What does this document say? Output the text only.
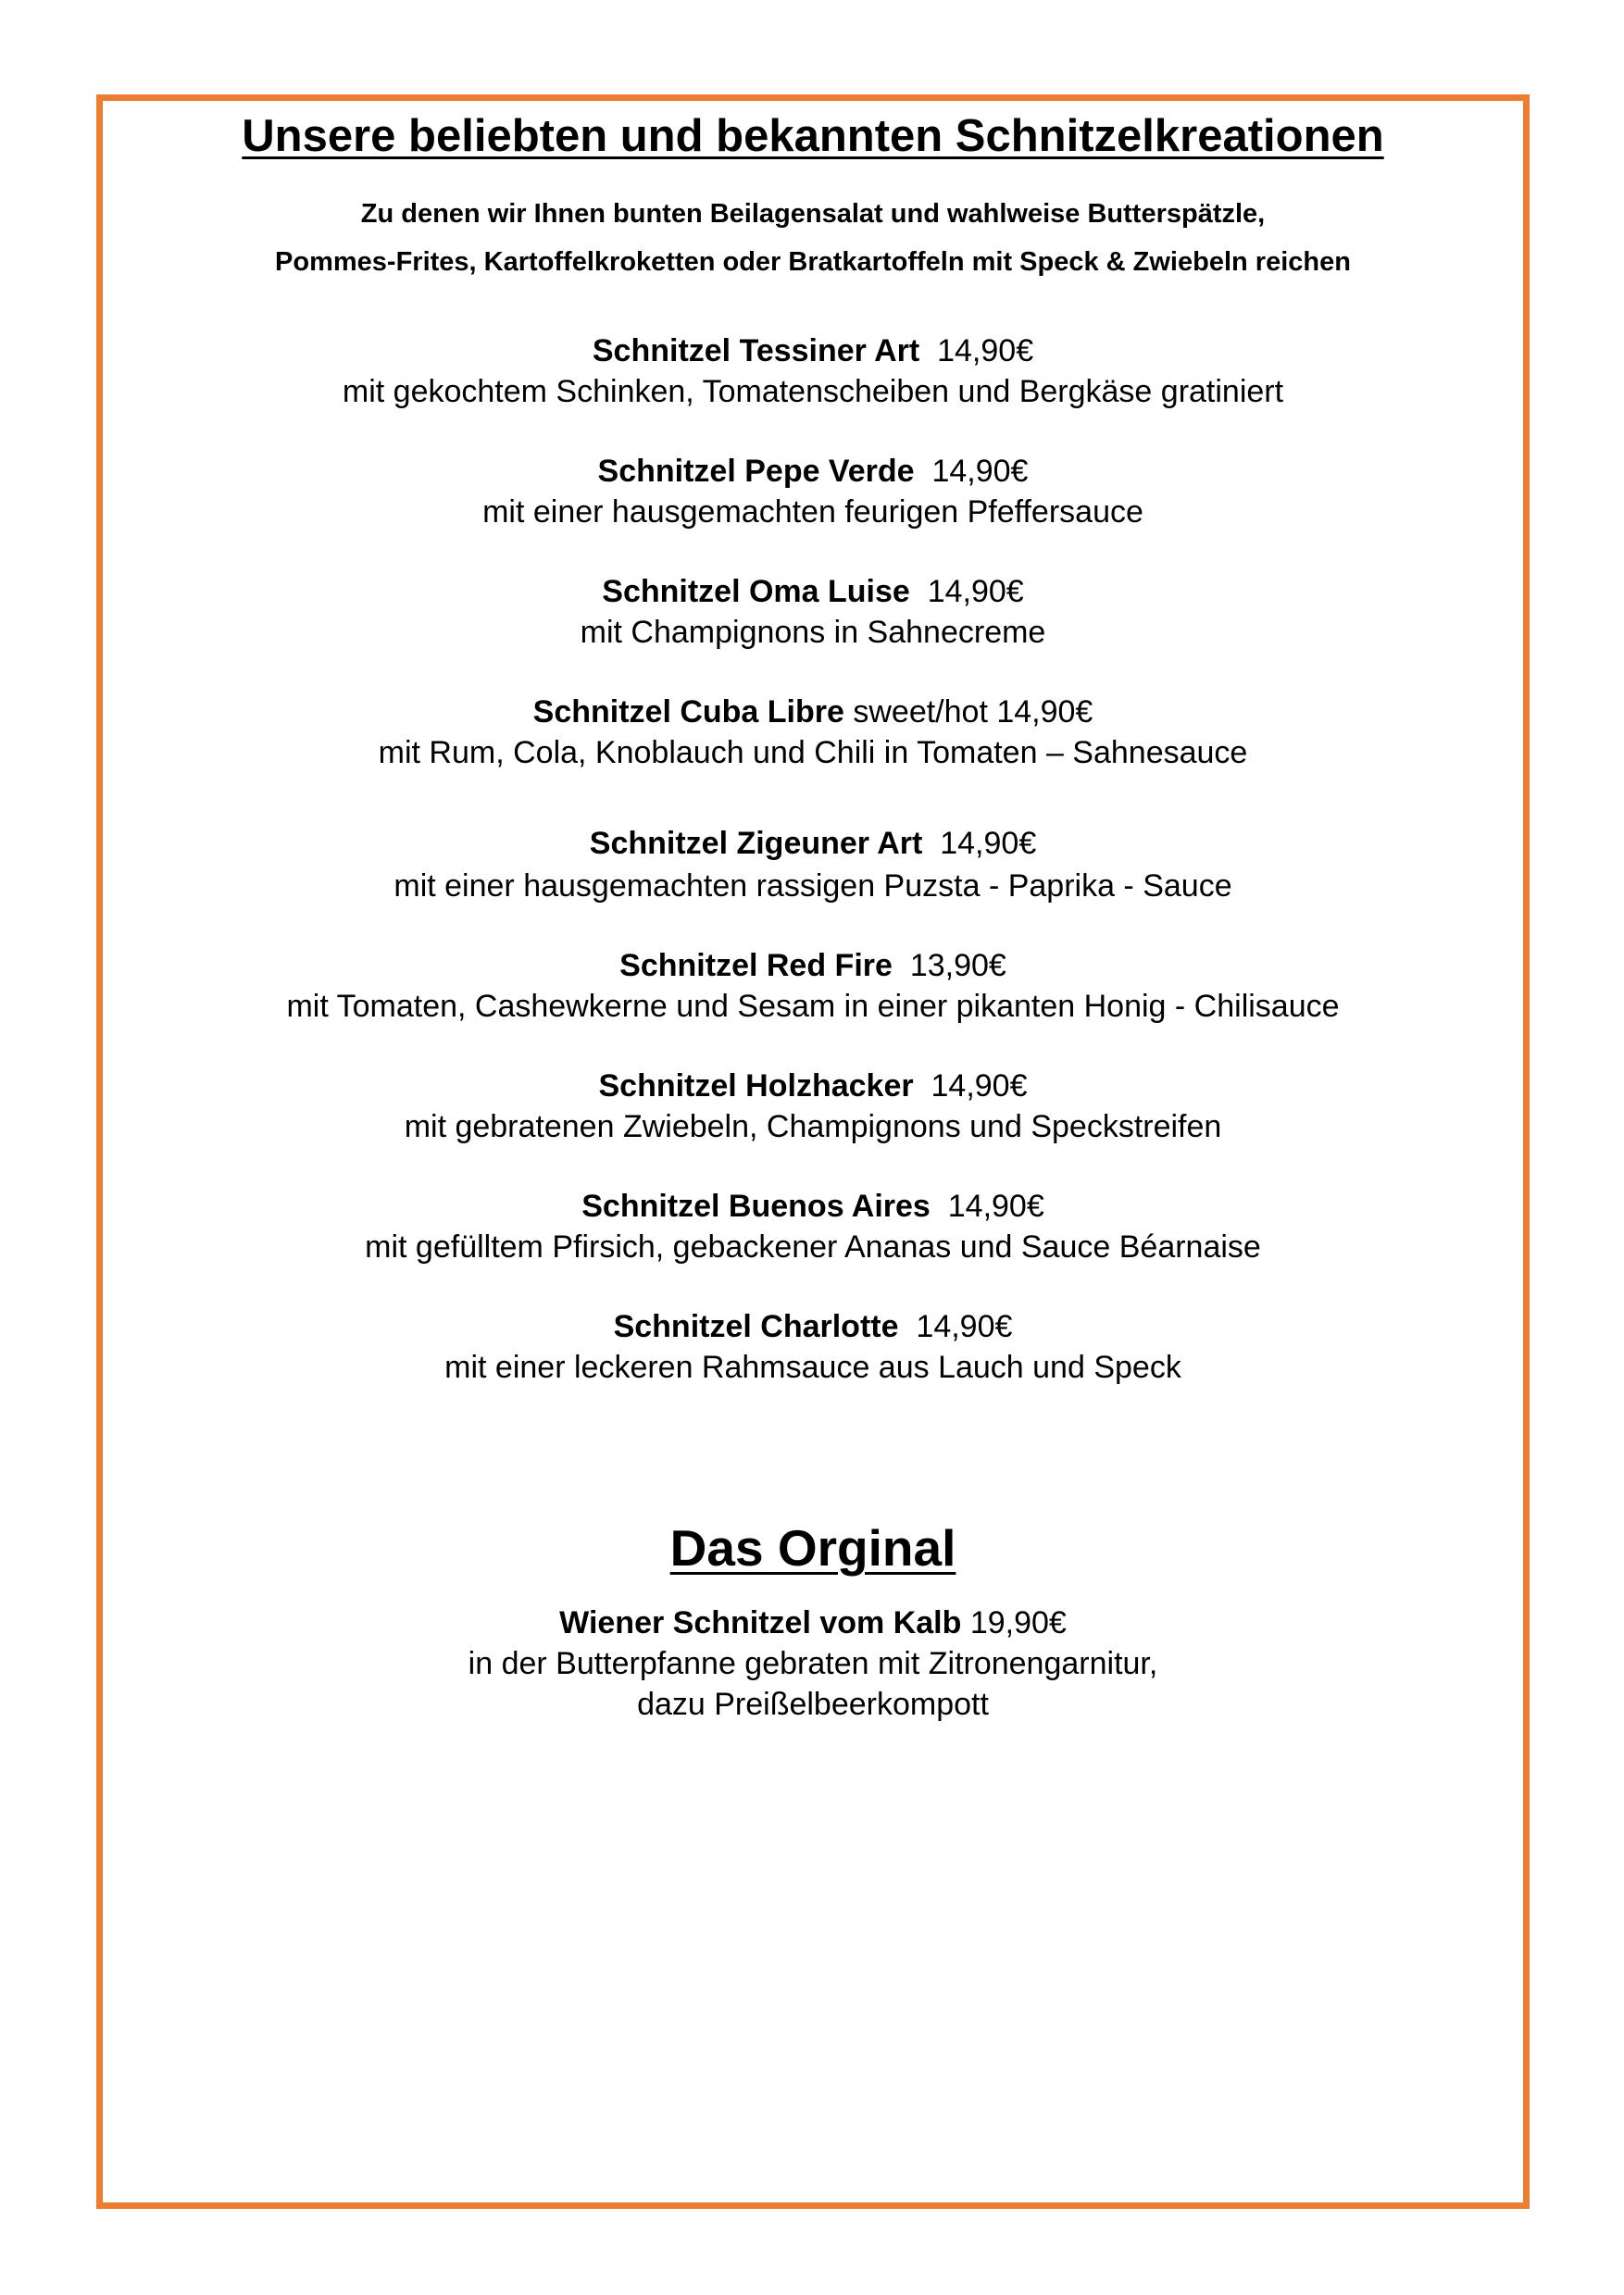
Unsere beliebten und bekannten Schnitzelkreationen

Zu denen wir Ihnen bunten Beilagensalat und wahlweise Butterspätzle,

Pommes-Frites, Kartoffelkroketten oder Bratkartoffeln mit Speck & Zwiebeln reichen

Schnitzel Tessiner Art 14,90€
mit gekochtem Schinken, Tomatenscheiben und Bergkäse gratiniert
Schnitzel Pepe Verde 14,90€
mit einer hausgemachten feurigen Pfeffersauce
Schnitzel Oma Luise 14,90€
mit Champignons in Sahnecreme
Schnitzel Cuba Libre sweet/hot 14,90€
mit Rum, Cola, Knoblauch und Chili in Tomaten – Sahnesauce
Schnitzel Zigeuner Art 14,90€
mit einer hausgemachten rassigen Puzsta - Paprika - Sauce
Schnitzel Red Fire 13,90€
mit Tomaten, Cashewkerne und Sesam in einer pikanten Honig - Chilisauce
Schnitzel Holzhacker 14,90€
mit gebratenen Zwiebeln, Champignons und Speckstreifen
Schnitzel Buenos Aires 14,90€
mit gefülltem Pfirsich, gebackener Ananas und Sauce Béarnaise
Schnitzel Charlotte 14,90€
mit einer leckeren Rahmsauce aus Lauch und Speck
Das Orginal
Wiener Schnitzel vom Kalb 19,90€
in der Butterpfanne gebraten mit Zitronengarnitur,
dazu Preißelbeerkompott
